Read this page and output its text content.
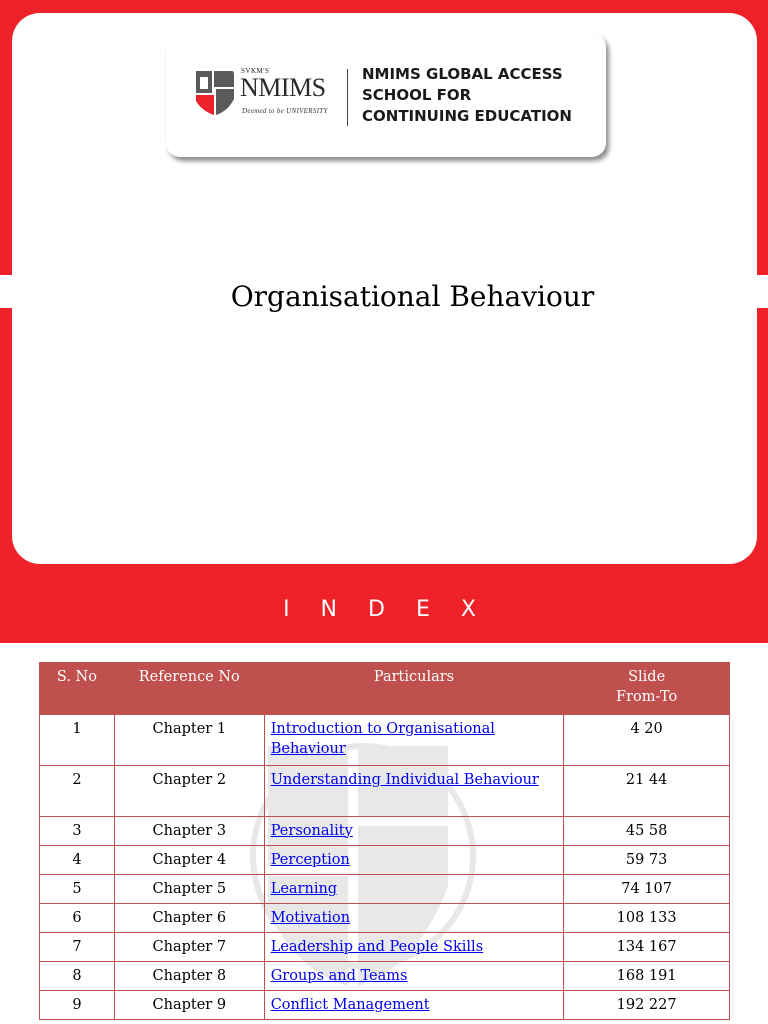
SVKM'S
NMIMS
Deemed to be UNIVERSITY
NMIMS GLOBAL ACCESS
SCHOOL FOR
CONTINUING EDUCATION
Organisational Behaviour
INDEX
S. No	Reference No	Particulars	Slide
From-To

1	Chapter 1	Introduction to Organisational Behaviour	4 20
2	Chapter 2	Understanding Individual Behaviour	21 44
3	Chapter 3	Personality	45 58
4	Chapter 4	Perception	59 73
5	Chapter 5	Learning	74 107
6	Chapter 6	Motivation	108 133
7	Chapter 7	Leadership and People Skills	134 167
8	Chapter 8	Groups and Teams	168 191
9	Chapter 9	Conflict Management	192 227
